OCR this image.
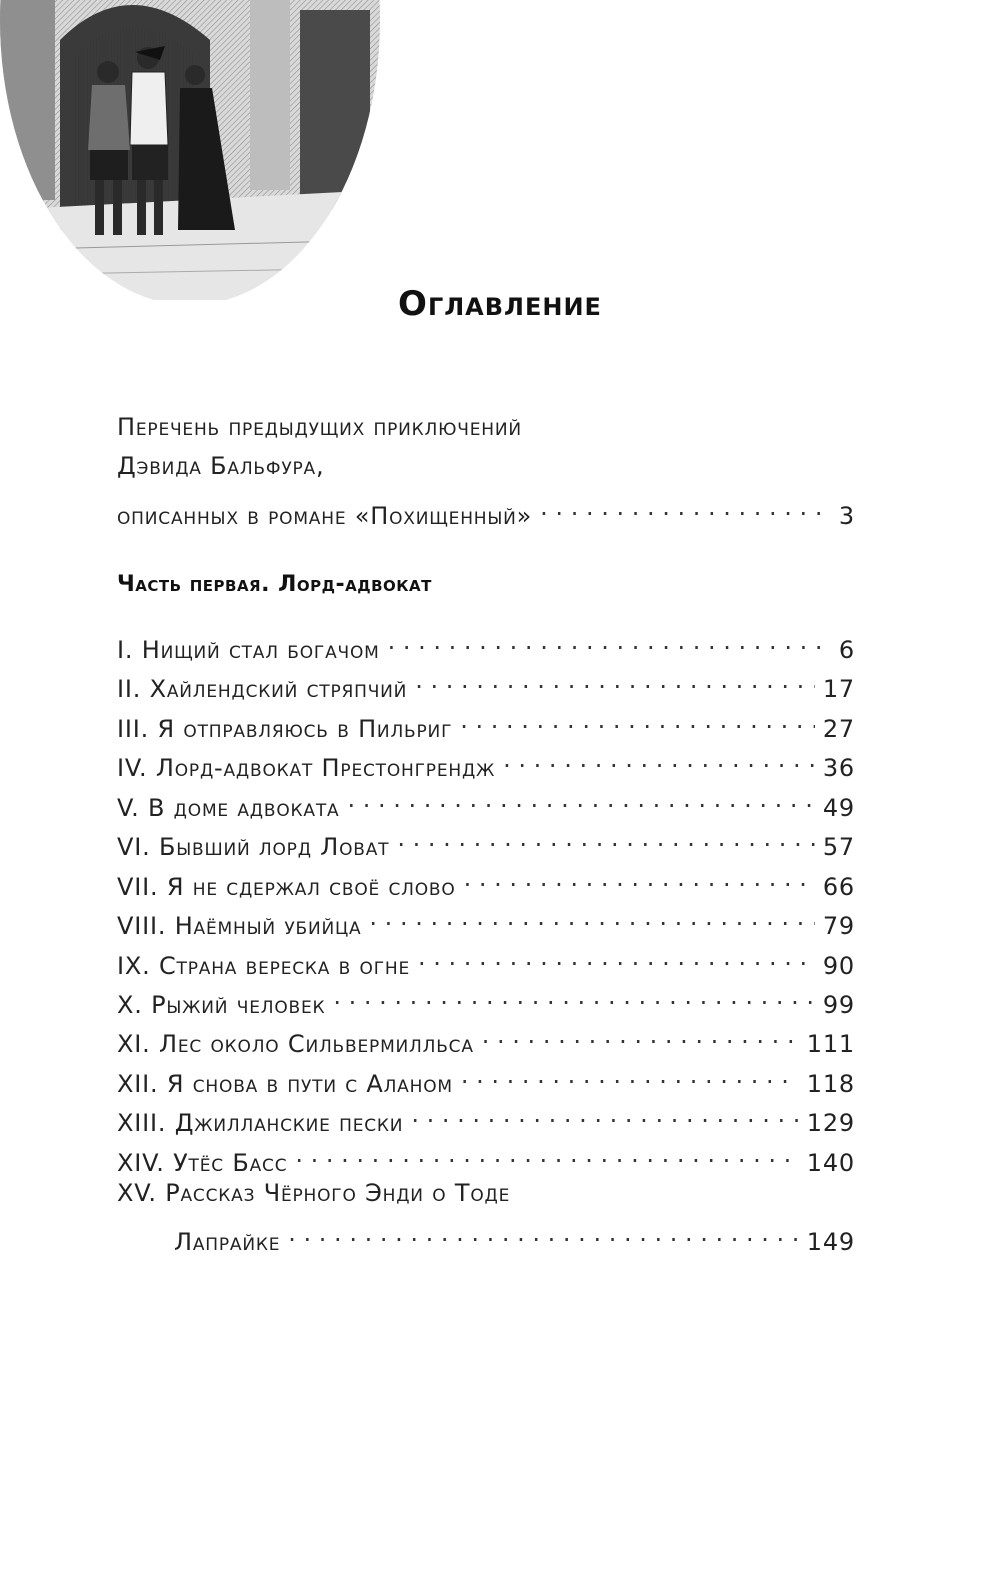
Оглавление
Перечень предыдущих приключений
Дэвида Бальфура,
описанных в романе «Похищенный» . . .	3
Часть первая. Лорд-адвокат
I. Нищий стал богачом . . .	6
II. Хайлендский стряпчий . . .	17
III. Я отправляюсь в Пильриг . . .	27
IV. Лорд-адвокат Престонгрендж . . .	36
V. В доме адвоката . . .	49
VI. Бывший лорд Ловат . . .	57
VII. Я не сдержал своё слово . . .	66
VIII. Наёмный убийца . . .	79
IX. Страна вереска в огне . . .	90
X. Рыжий человек . . .	99
XI. Лес около Сильвермилльса . . .	111
XII. Я снова в пути с Аланом . . .	118
XIII. Джилланские пески . . .	129
XIV. Утёс Басс . . .	140
XV. Рассказ Чёрного Энди о Тоде
Лапрайке . . .	149
